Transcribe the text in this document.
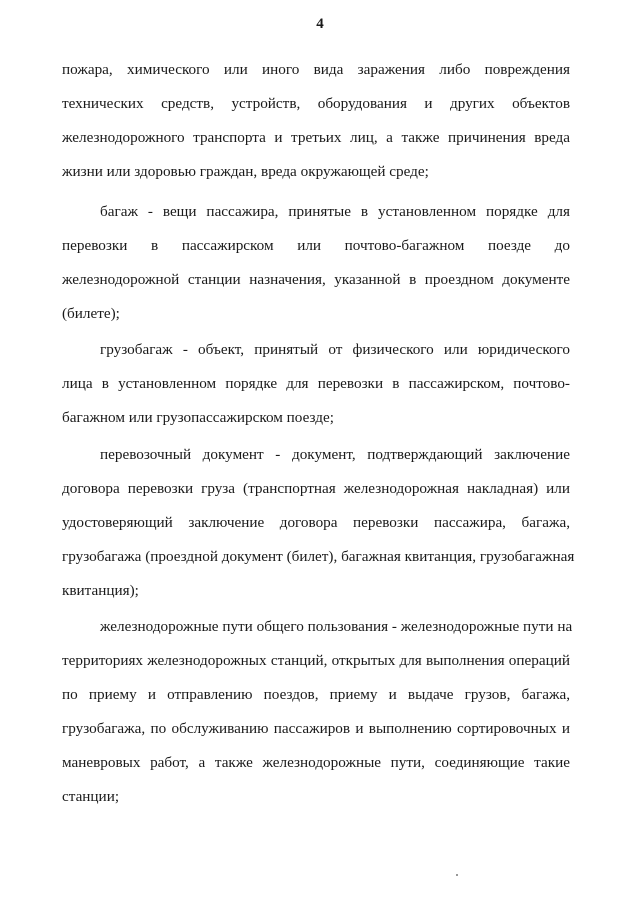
4
пожара, химического или иного вида заражения либо повреждения
технических средств, устройств, оборудования и других объектов
железнодорожного транспорта и третьих лиц, а также причинения вреда
жизни или здоровью граждан, вреда окружающей среде;
багаж - вещи пассажира, принятые в установленном порядке для
перевозки в пассажирском или почтово-багажном поезде до
железнодорожной станции назначения, указанной в проездном документе
(билете);
грузобагаж - объект, принятый от физического или юридического
лица в установленном порядке для перевозки в пассажирском, почтово-
багажном или грузопассажирском поезде;
перевозочный документ - документ, подтверждающий заключение
договора перевозки груза (транспортная железнодорожная накладная) или
удостоверяющий заключение договора перевозки пассажира, багажа,
грузобагажа (проездной документ (билет), багажная квитанция, грузобагажная
квитанция);
железнодорожные пути общего пользования - железнодорожные пути на
территориях железнодорожных станций, открытых для выполнения операций
по приему и отправлению поездов, приему и выдаче грузов, багажа,
грузобагажа, по обслуживанию пассажиров и выполнению сортировочных и
маневровых работ, а также железнодорожные пути, соединяющие такие
станции;
